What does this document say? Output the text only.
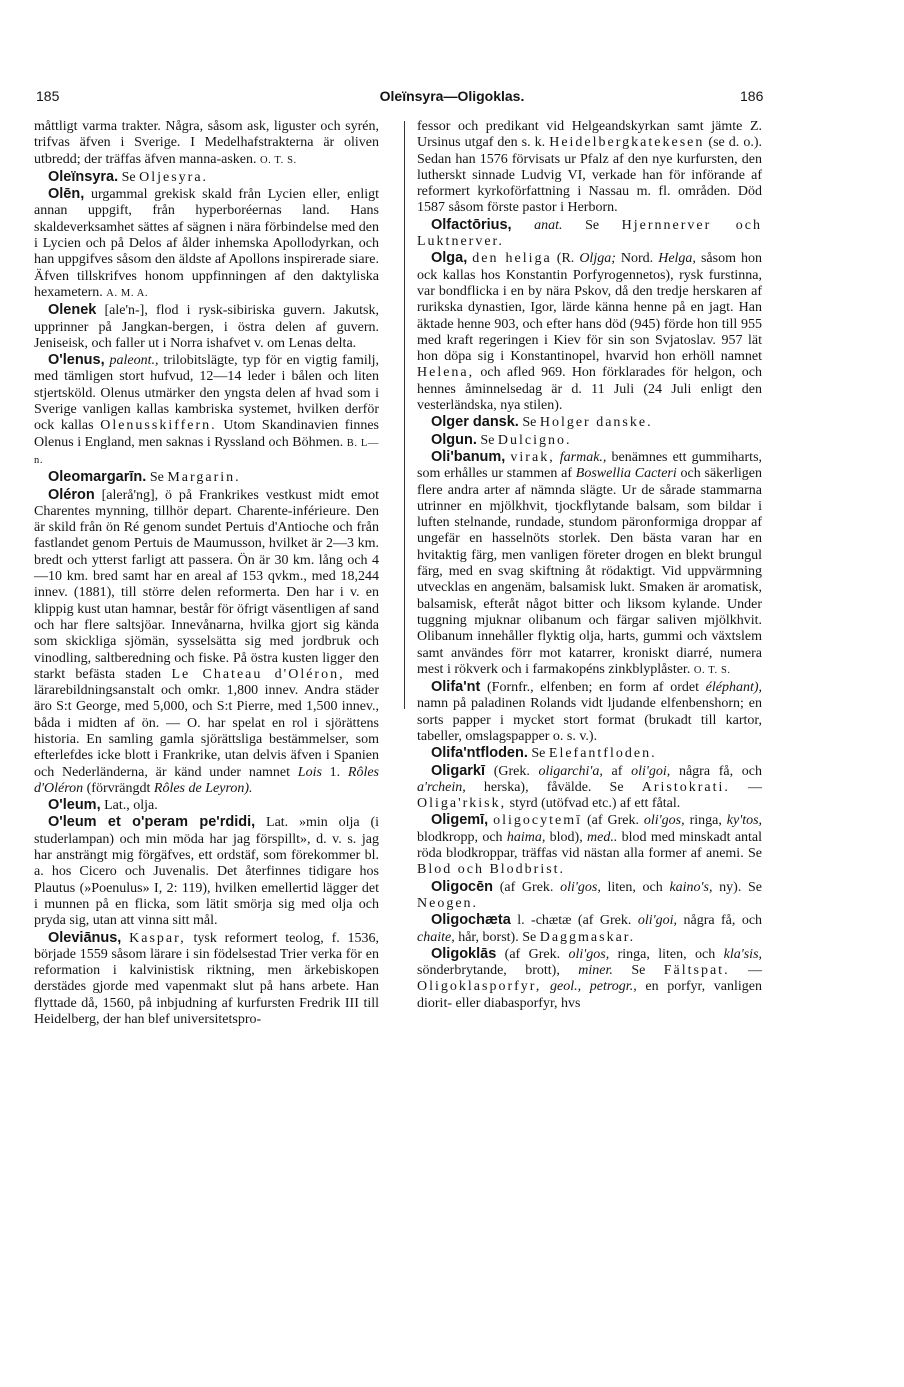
185	Oleïnsyra—Oligoklas.	186

måttligt varma trakter. Några, såsom ask, liguster och syrén, trifvas äfven i Sverige. I Medelhafstrakterna är oliven utbredd; der träffas äfven manna-asken. O. T. S.

Oleïnsyra. Se Oljesyra.

Olēn, urgammal grekisk skald från Lycien eller, enligt annan uppgift, från hyperboréernas land. Hans skaldeverksamhet sättes af sägnen i nära förbindelse med den i Lycien och på Delos af ålder inhemska Apollodyrkan, och han uppgifves såsom den äldste af Apollons inspirerade siare. Äfven tillskrifves honom uppfinningen af den daktyliska hexametern. A. M. A.

Olenek [ale'n-], flod i rysk-sibiriska guvern. Jakutsk, upprinner på Jangkan-bergen, i östra delen af guvern. Jeniseisk, och faller ut i Norra ishafvet v. om Lenas delta.

O'lenus, paleont., trilobitslägte, typ för en vigtig familj, med tämligen stort hufvud, 12—14 leder i bålen och liten stjertsköld. Olenus utmärker den yngsta delen af hvad som i Sverige vanligen kallas kambriska systemet, hvilken derför ock kallas Olenusskiffern. Utom Skandinavien finnes Olenus i England, men saknas i Ryssland och Böhmen. B. L—n.

Oleomargarīn. Se Margarin.

Oléron [alerå'ng], ö på Frankrikes vestkust midt emot Charentes mynning, tillhör depart. Charente-inférieure. Den är skild från ön Ré genom sundet Pertuis d'Antioche och från fastlandet genom Pertuis de Maumusson, hvilket är 2—3 km. bredt och ytterst farligt att passera. Ön är 30 km. lång och 4—10 km. bred samt har en areal af 153 qvkm., med 18,244 innev. (1881), till större delen reformerta. Den har i v. en klippig kust utan hamnar, består för öfrigt väsentligen af sand och har flere saltsjöar. Innevånarna, hvilka gjort sig kända som skickliga sjömän, sysselsätta sig med jordbruk och vinodling, saltberedning och fiske. På östra kusten ligger den starkt befästa staden Le Chateau d'Oléron, med lärarebildningsanstalt och omkr. 1,800 innev. Andra städer äro S:t George, med 5,000, och S:t Pierre, med 1,500 innev., båda i midten af ön. — O. har spelat en rol i sjörättens historia. En samling gamla sjörättsliga bestämmelser, som efterlefdes icke blott i Frankrike, utan delvis äfven i Spanien och Nederländerna, är känd under namnet Lois 1. Rôles d'Oléron (förvrängdt Rôles de Leyron).

O'leum, Lat., olja.

O'leum et o'peram pe'rdidi, Lat. »min olja (i studerlampan) och min möda har jag förspillt», d. v. s. jag har ansträngt mig förgäfves, ett ordstäf, som förekommer bl. a. hos Cicero och Juvenalis. Det återfinnes tidigare hos Plautus (»Poenulus» I, 2: 119), hvilken emellertid lägger det i munnen på en flicka, som lätit smörja sig med olja och pryda sig, utan att vinna sitt mål.

Oleviānus, Kaspar, tysk reformert teolog, f. 1536, började 1559 såsom lärare i sin födelsestad Trier verka för en reformation i kalvinistisk riktning, men ärkebiskopen derstädes gjorde med vapenmakt slut på hans arbete. Han flyttade då, 1560, på inbjudning af kurfursten Fredrik III till Heidelberg, der han blef universitetspro-

fessor och predikant vid Helgeandskyrkan samt jämte Z. Ursinus utgaf den s. k. Heidelbergkatekesen (se d. o.). Sedan han 1576 förvisats ur Pfalz af den nye kurfursten, den lutherskt sinnade Ludvig VI, verkade han för införande af reformert kyrkoförfattning i Nassau m. fl. områden. Död 1587 såsom förste pastor i Herborn.

Olfactōrius, anat. Se Hjernnerver och Luktnerver.

Olga, den heliga (R. Oljga; Nord. Helga, såsom hon ock kallas hos Konstantin Porfyrogennetos), rysk furstinna, var bondflicka i en by nära Pskov, då den tredje herskaren af rurikska dynastien, Igor, lärde känna henne på en jagt. Han äktade henne 903, och efter hans död (945) förde hon till 955 med kraft regeringen i Kiev för sin son Svjatoslav. 957 lät hon döpa sig i Konstantinopel, hvarvid hon erhöll namnet Helena, och afled 969. Hon förklarades för helgon, och hennes åminnelsedag är d. 11 Juli (24 Juli enligt den vesterländska, nya stilen).

Olger dansk. Se Holger danske.

Olgun. Se Dulcigno.

Oli'banum, virak, farmak., benämnes ett gummiharts, som erhålles ur stammen af Boswellia Cacteri och säkerligen flere andra arter af nämnda slägte. Ur de sårade stammarna utrinner en mjölkhvit, tjockflytande balsam, som bildar i luften stelnande, rundade, stundom päronformiga droppar af ungefär en hasselnöts storlek. Den bästa varan har en hvitaktig färg, men vanligen företer drogen en blekt brungul färg, med en svag skiftning åt rödaktigt. Vid uppvärmning utvecklas en angenäm, balsamisk lukt. Smaken är aromatisk, balsamisk, efteråt något bitter och liksom kylande. Under tuggning mjuknar olibanum och färgar saliven mjölkhvit. Olibanum innehåller flyktig olja, harts, gummi och växtslem samt användes förr mot katarrer, kroniskt diarré, numera mest i rökverk och i farmakopéns zinkblyplåster. O. T. S.

Olifa'nt (Fornfr., elfenben; en form af ordet éléphant), namn på paladinen Rolands vidt ljudande elfenbenshorn; en sorts papper i mycket stort format (brukadt till kartor, tabeller, omslagspapper o. s. v.).

Olifa'ntfloden. Se Elefantfloden.

Oligarkī (Grek. oligarchi'a, af oli'goi, några få, och a'rchein, herska), fåvälde. Se Aristokrati. — Oliga'rkisk, styrd (utöfvad etc.) af ett fåtal.

Oligemī, oligocytemī (af Grek. oli'gos, ringa, ky'tos, blodkropp, och haima, blod), med.. blod med minskadt antal röda blodkroppar, träffas vid nästan alla former af anemi. Se Blod och Blodbrist.

Oligocēn (af Grek. oli'gos, liten, och kaino's, ny). Se Neogen.

Oligochæta l. -chætæ (af Grek. oli'goi, några få, och chaite, hår, borst). Se Daggmaskar.

Oligoklās (af Grek. oli'gos, ringa, liten, och kla'sis, sönderbrytande, brott), miner. Se Fältspat. — Oligoklasporfyr, geol., petrogr., en porfyr, vanligen diorit- eller diabasporfyr, hvs
